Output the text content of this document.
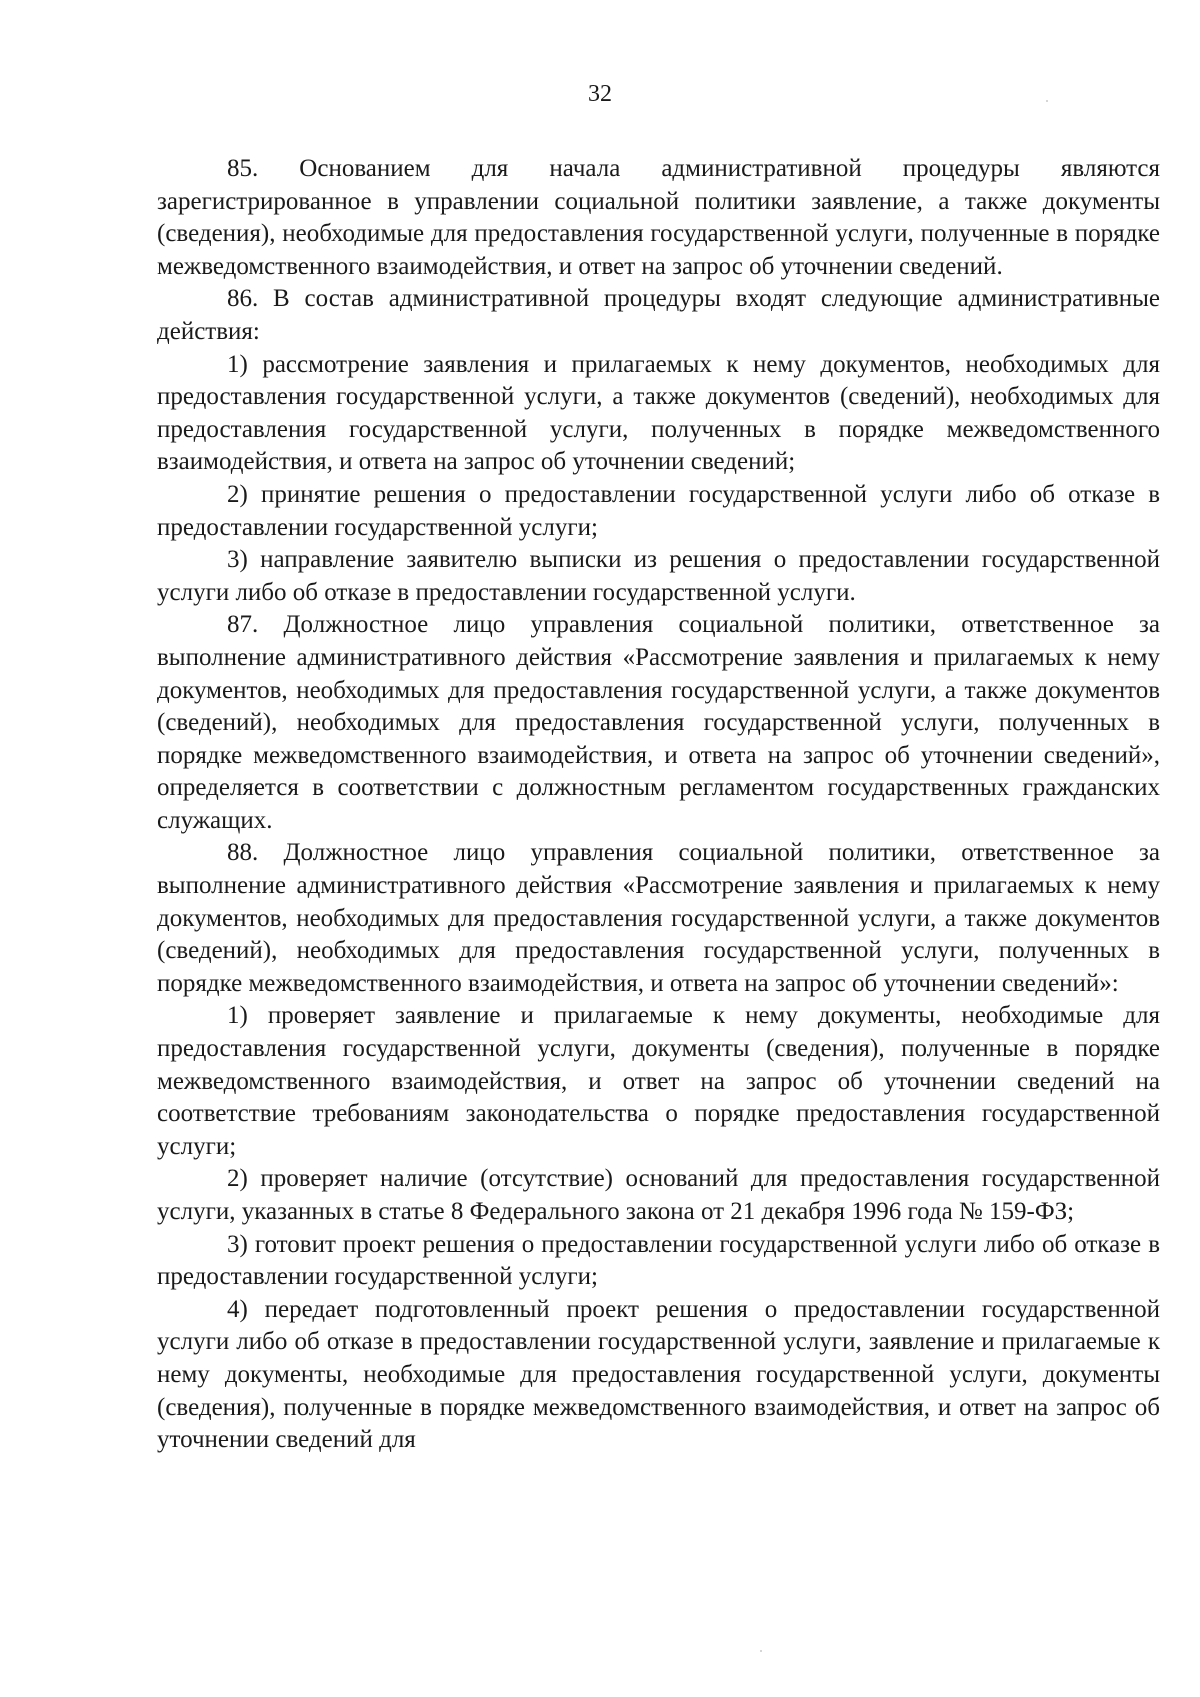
32

85. Основанием для начала административной процедуры являются зарегистрированное в управлении социальной политики заявление, а также документы (сведения), необходимые для предоставления государственной услуги, полученные в порядке межведомственного взаимодействия, и ответ на запрос об уточнении сведений.

86. В состав административной процедуры входят следующие административные действия:

1) рассмотрение заявления и прилагаемых к нему документов, необходимых для предоставления государственной услуги, а также документов (сведений), необходимых для предоставления государственной услуги, полученных в порядке межведомственного взаимодействия, и ответа на запрос об уточнении сведений;

2) принятие решения о предоставлении государственной услуги либо об отказе в предоставлении государственной услуги;

3) направление заявителю выписки из решения о предоставлении государственной услуги либо об отказе в предоставлении государственной услуги.

87. Должностное лицо управления социальной политики, ответственное за выполнение административного действия «Рассмотрение заявления и прилагаемых к нему документов, необходимых для предоставления государственной услуги, а также документов (сведений), необходимых для предоставления государственной услуги, полученных в порядке межведомственного взаимодействия, и ответа на запрос об уточнении сведений», определяется в соответствии с должностным регламентом государственных гражданских служащих.

88. Должностное лицо управления социальной политики, ответственное за выполнение административного действия «Рассмотрение заявления и прилагаемых к нему документов, необходимых для предоставления государственной услуги, а также документов (сведений), необходимых для предоставления государственной услуги, полученных в порядке межведомственного взаимодействия, и ответа на запрос об уточнении сведений»:

1) проверяет заявление и прилагаемые к нему документы, необходимые для предоставления государственной услуги, документы (сведения), полученные в порядке межведомственного взаимодействия, и ответ на запрос об уточнении сведений на соответствие требованиям законодательства о порядке предоставления государственной услуги;

2) проверяет наличие (отсутствие) оснований для предоставления государственной услуги, указанных в статье 8 Федерального закона от 21 декабря 1996 года № 159-ФЗ;

3) готовит проект решения о предоставлении государственной услуги либо об отказе в предоставлении государственной услуги;

4) передает подготовленный проект решения о предоставлении государственной услуги либо об отказе в предоставлении государственной услуги, заявление и прилагаемые к нему документы, необходимые для предоставления государственной услуги, документы (сведения), полученные в порядке межведомственного взаимодействия, и ответ на запрос об уточнении сведений для
